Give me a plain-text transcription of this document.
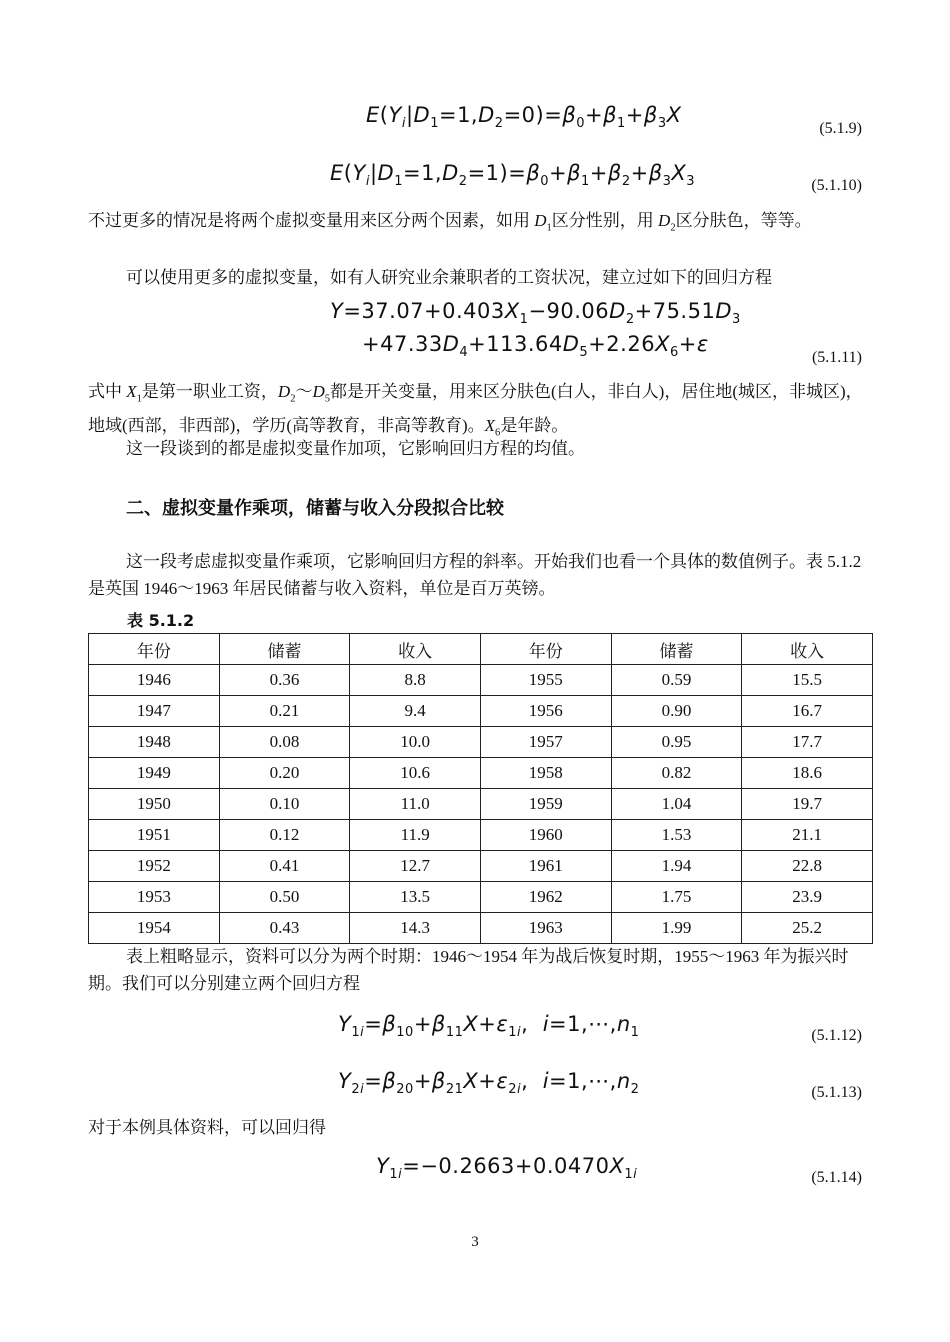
$E(Y_i|D_1=1,D_2=0)=\beta_0+\beta_1+\beta_3X$
(5.1.9)
$E(Y_i|D_1=1,D_2=1)=\beta_0+\beta_1+\beta_2+\beta_3X_3$	(5.1.10)
不过更多的情况是将两个虚拟变量用来区分两个因素，如用 $D_1$区分性别，用 $D_2$区分肤色，等等。
可以使用更多的虚拟变量，如有人研究业余兼职者的工资状况，建立过如下的回归方程
$Y=37.07+0.403X_1-90.06D_2+75.51D_3$
$+47.33D_4+113.64D_5+2.26X_6+\varepsilon$
(5.1.11)
式中 $X_1$是第一职业工资，$D_2\sim D_5$都是开关变量，用来区分肤色(白人，非白人)，居住地(城区，非城区)，地域(西部，非西部)，学历(高等教育，非高等教育)。$X_6$是年龄。
这一段谈到的都是虚拟变量作加项，它影响回归方程的均值。
二、虚拟变量作乘项，储蓄与收入分段拟合比较
这一段考虑虚拟变量作乘项，它影响回归方程的斜率。开始我们也看一个具体的数值例子。表 5.1.2 是英国 1946～1963 年居民储蓄与收入资料，单位是百万英镑。
表 5.1.2
年份	储蓄	收入	年份	储蓄	收入
1946	0.36	8.8	1955	0.59	15.5
1947	0.21	9.4	1956	0.90	16.7
1948	0.08	10.0	1957	0.95	17.7
1949	0.20	10.6	1958	0.82	18.6
1950	0.10	11.0	1959	1.04	19.7
1951	0.12	11.9	1960	1.53	21.1
1952	0.41	12.7	1961	1.94	22.8
1953	0.50	13.5	1962	1.75	23.9
1954	0.43	14.3	1963	1.99	25.2
表上粗略显示，资料可以分为两个时期：1946～1954 年为战后恢复时期，1955～1963 年为振兴时期。我们可以分别建立两个回归方程
$Y_{1i}=\beta_{10}+\beta_{11}X+\varepsilon_{1i}$,  $i=1,\cdots,n_1$	(5.1.12)
$Y_{2i}=\beta_{20}+\beta_{21}X+\varepsilon_{2i}$,  $i=1,\cdots,n_2$	(5.1.13)
对于本例具体资料，可以回归得
$Y_{1i}=-0.2663+0.0470X_{1i}$	(5.1.14)
3
